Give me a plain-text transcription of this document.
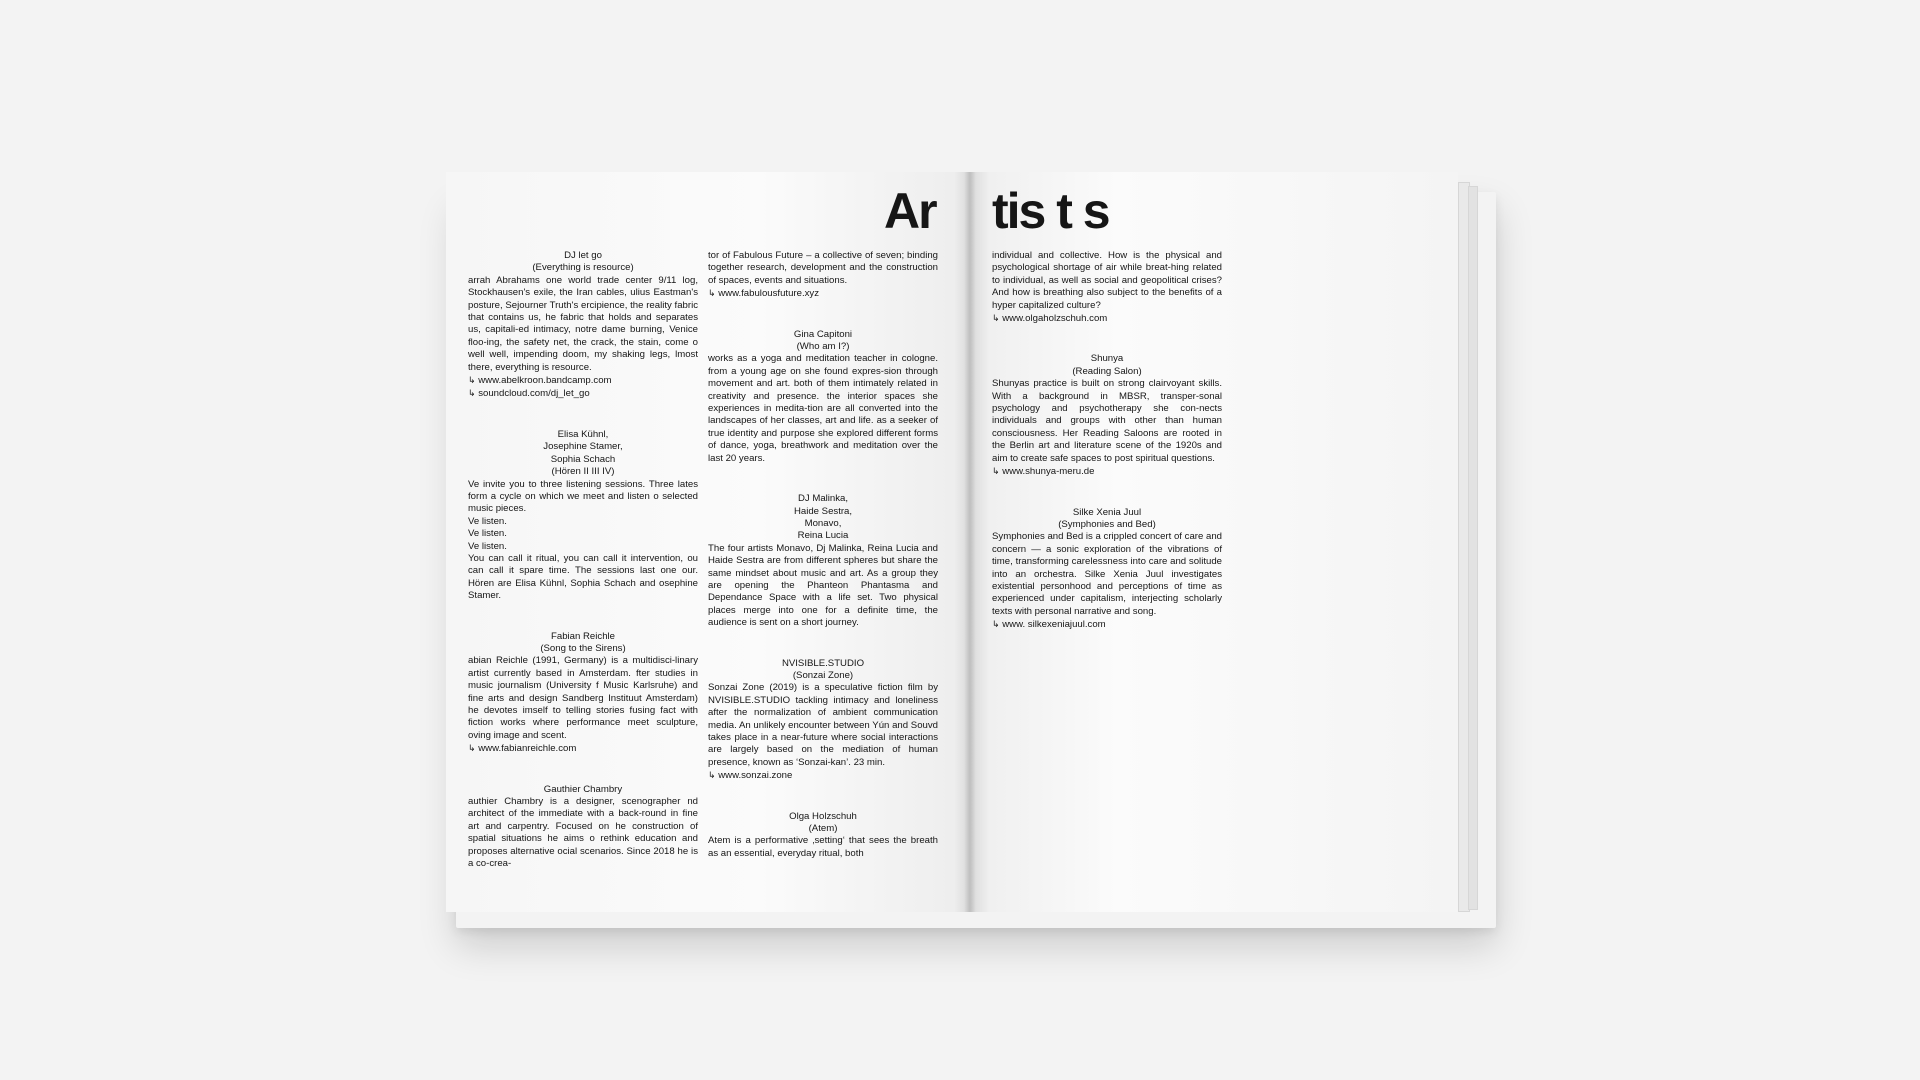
Ar

DJ let go

(Everything is resource)

arrah Abrahams one world trade center 9/11 log, Stockhausen's exile, the Iran cables, ulius Eastman's posture, Sejourner Truth's ercipience, the reality fabric that contains us, he fabric that holds and separates us, capitali-ed intimacy, notre dame burning, Venice floo-ing, the safety net, the crack, the stain, come o well well, impending doom, my shaking legs, lmost there, everything is resource.

↳ www.abelkroon.bandcamp.com

↳ soundcloud.com/dj_let_go

Elisa Kühnl,
Josephine Stamer,
Sophia Schach

(Hören II III IV)

Ve invite you to three listening sessions. Three lates form a cycle on which we meet and listen o selected music pieces.
Ve listen.
Ve listen.
Ve listen.
You can call it ritual, you can call it intervention, ou can call it spare time. The sessions last one our. Hören are Elisa Kühnl, Sophia Schach and osephine Stamer.

Fabian Reichle

(Song to the Sirens)

abian Reichle (1991, Germany) is a multidisci-linary artist currently based in Amsterdam. fter studies in music journalism (University f Music Karlsruhe) and fine arts and design Sandberg Instituut Amsterdam) he devotes imself to telling stories fusing fact with fiction works where performance meet sculpture, oving image and scent.

↳ www.fabianreichle.com

Gauthier Chambry

authier Chambry is a designer, scenographer nd architect of the immediate with a back-round in fine art and carpentry. Focused on he construction of spatial situations he aims o rethink education and proposes alternative ocial scenarios. Since 2018 he is a co-crea-

tor of Fabulous Future – a collective of seven; binding together research, development and the construction of spaces, events and situations.

↳ www.fabulousfuture.xyz

Gina Capitoni

(Who am I?)

works as a yoga and meditation teacher in cologne. from a young age on she found expres-sion through movement and art. both of them intimately related in creativity and presence. the interior spaces she experiences in medita-tion are all converted into the landscapes of her classes, art and life. as a seeker of true identity and purpose she explored different forms of dance, yoga, breathwork and meditation over the last 20 years.

DJ Malinka,
Haide Sestra,
Monavo,
Reina Lucia

The four artists Monavo, Dj Malinka, Reina Lucia and Haide Sestra are from different spheres but share the same mindset about music and art. As a group they are opening the Phanteon Phantasma and Dependance Space with a life set. Two physical places merge into one for a definite time, the audience is sent on a short journey.

NVISIBLE.STUDIO

(Sonzai Zone)

Sonzai Zone (2019) is a speculative fiction film by NVISIBLE.STUDIO tackling intimacy and loneliness after the normalization of ambient communication media. An unlikely encounter between Yún and Souvd takes place in a near-future where social interactions are largely based on the mediation of human presence, known as ‘Sonzai-kan’. 23 min.

↳ www.sonzai.zone

Olga Holzschuh

(Atem)

Atem is a performative ‚setting‘ that sees the breath as an essential, everyday ritual, both

tis t s

individual and collective. How is the physical and psychological shortage of air while breat-hing related to individual, as well as social and geopolitical crises? And how is breathing also subject to the benefits of a hyper capitalized culture?

↳ www.olgaholzschuh.com

Shunya

(Reading Salon)

Shunyas practice is built on strong clairvoyant skills. With a background in MBSR, transper-sonal psychology and psychotherapy she con-nects individuals and groups with other than human consciousness. Her Reading Saloons are rooted in the Berlin art and literature scene of the 1920s and aim to create safe spaces to post spiritual questions.

↳ www.shunya-meru.de

Silke Xenia Juul

(Symphonies and Bed)

Symphonies and Bed is a crippled concert of care and concern — a sonic exploration of the vibrations of time, transforming carelessness into care and solitude into an orchestra. Silke Xenia Juul investigates existential personhood and perceptions of time as experienced under capitalism, interjecting scholarly texts with personal narrative and song.

↳ www. silkexeniajuul.com
